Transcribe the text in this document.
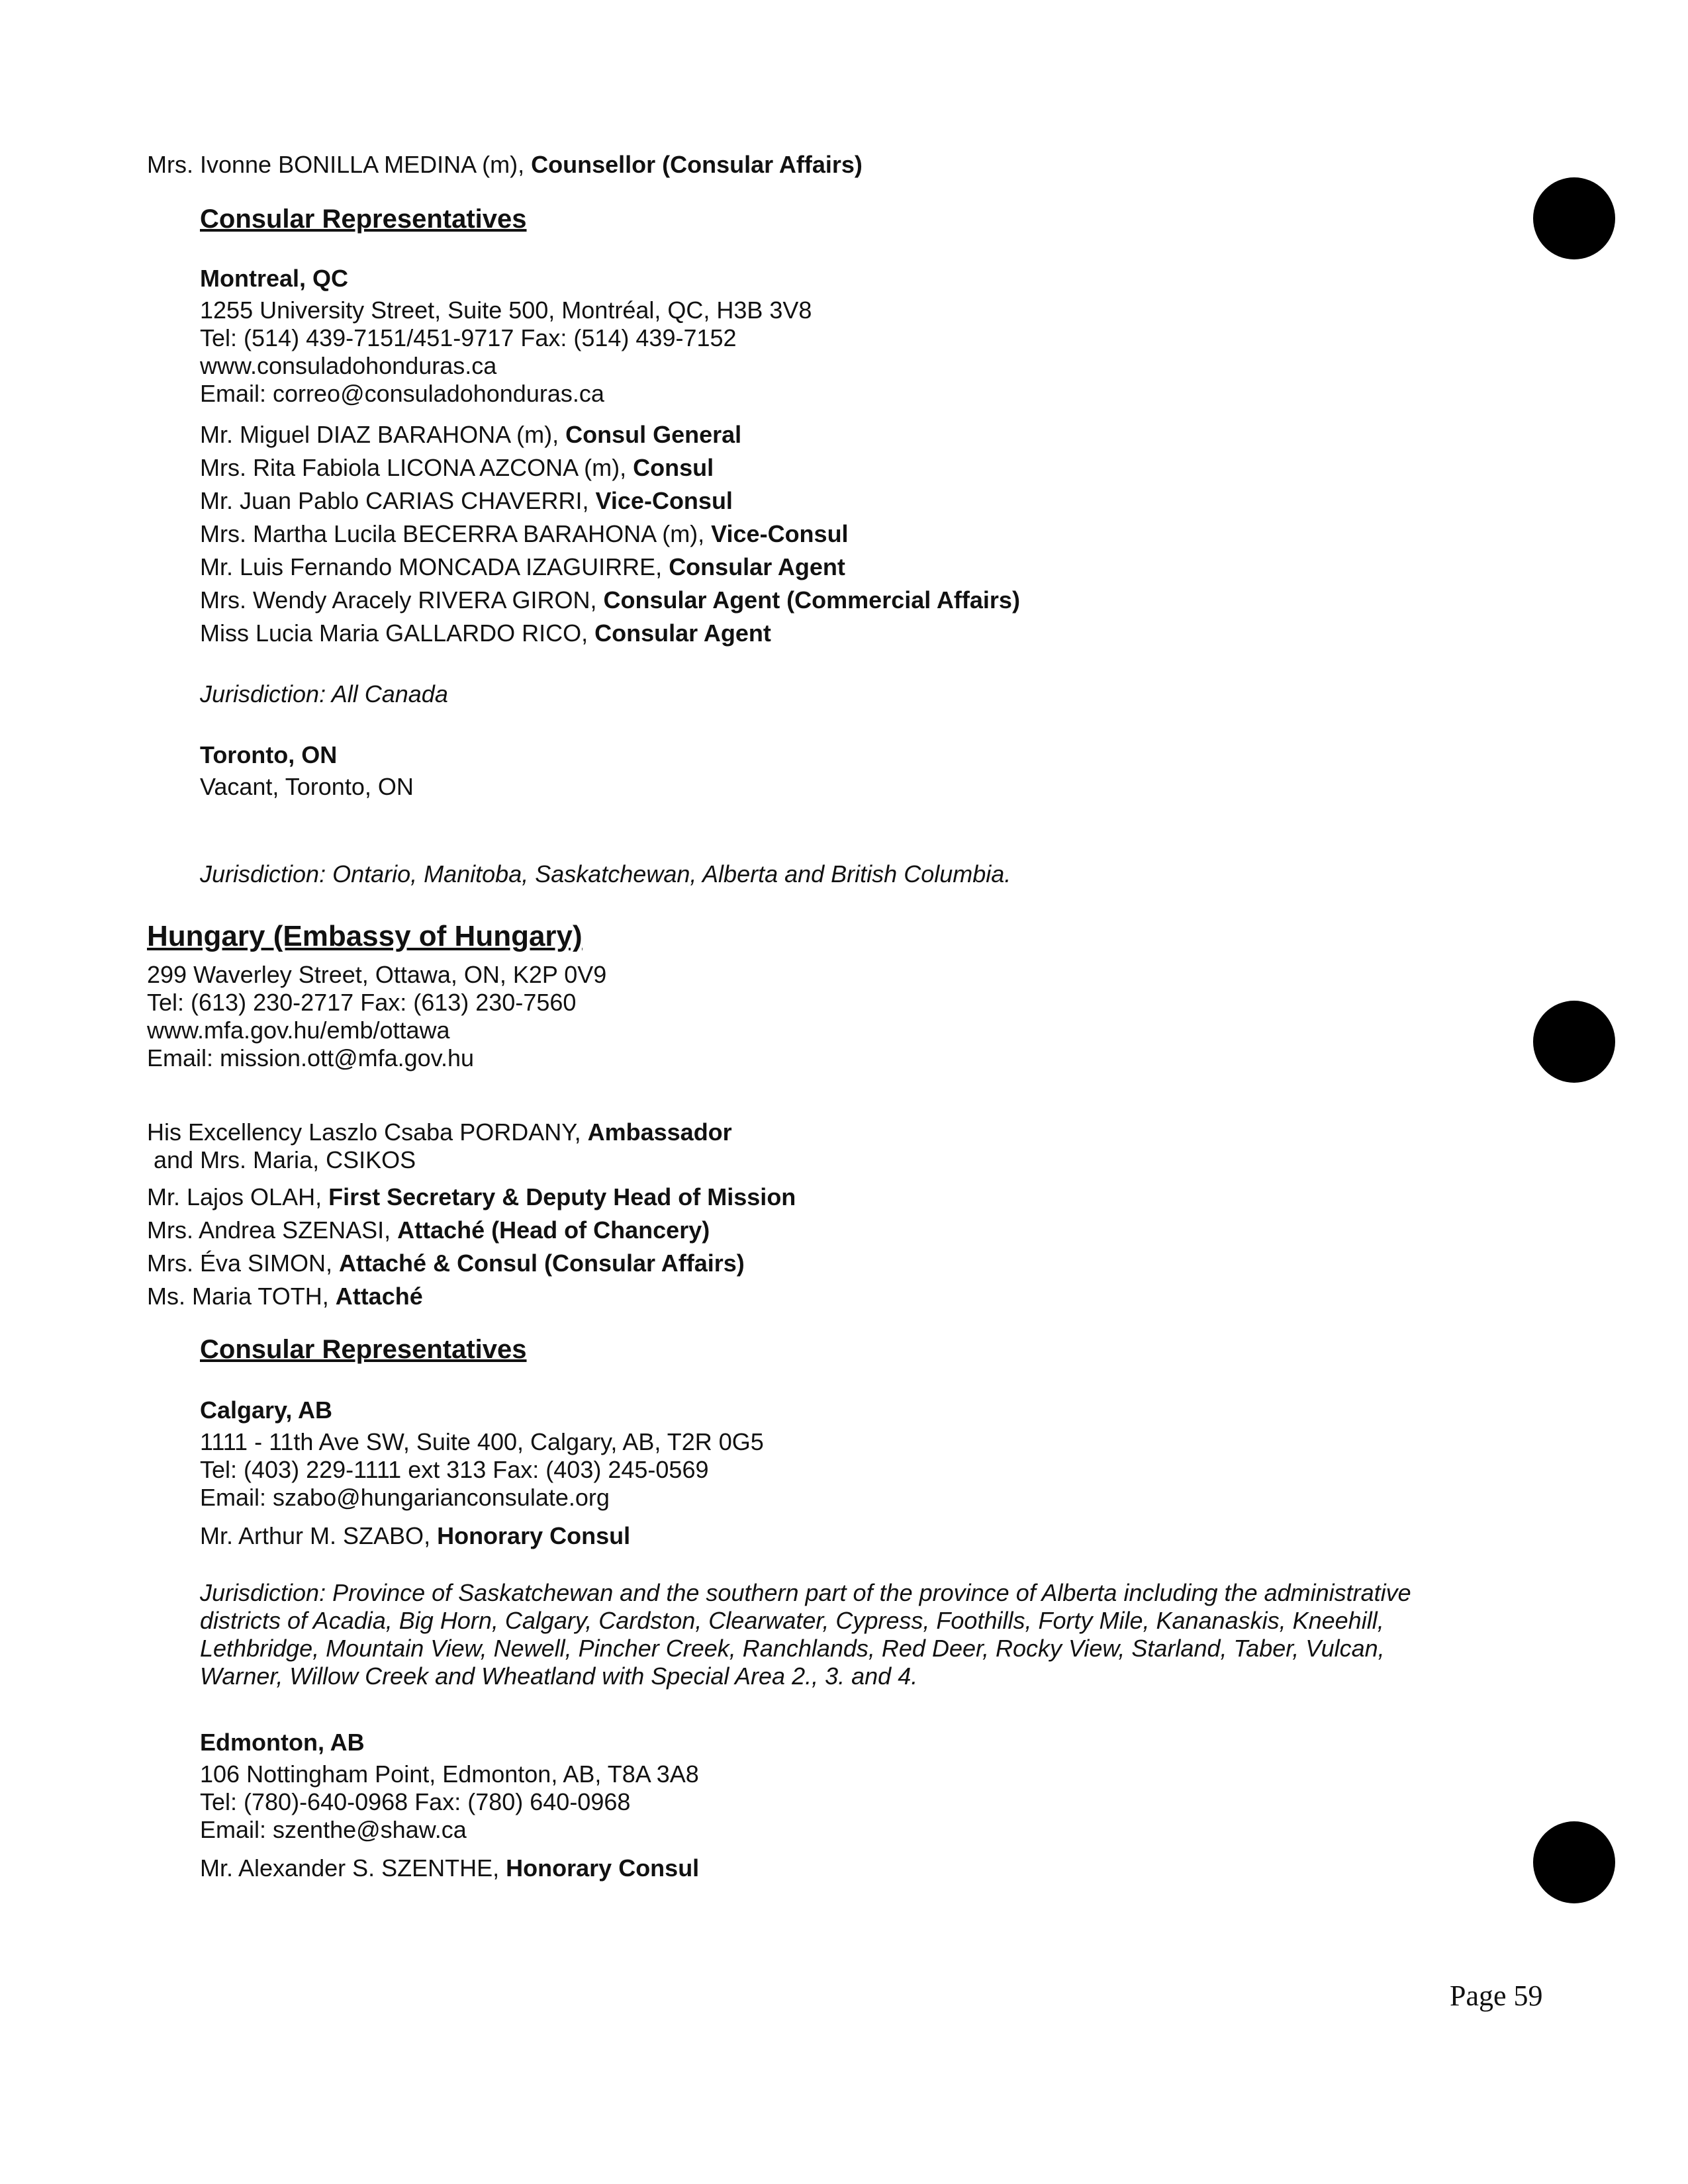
Mrs. Ivonne BONILLA MEDINA (m), Counsellor (Consular Affairs)
Consular Representatives
Montreal, QC
1255 University Street, Suite 500, Montréal, QC, H3B 3V8
Tel: (514) 439-7151/451-9717 Fax: (514) 439-7152
www.consuladohonduras.ca
Email: correo@consuladohonduras.ca
Mr. Miguel DIAZ BARAHONA (m), Consul General
Mrs. Rita Fabiola LICONA AZCONA (m), Consul
Mr. Juan Pablo CARIAS CHAVERRI, Vice-Consul
Mrs. Martha Lucila BECERRA BARAHONA (m), Vice-Consul
Mr. Luis Fernando MONCADA IZAGUIRRE, Consular Agent
Mrs. Wendy Aracely RIVERA GIRON, Consular Agent (Commercial Affairs)
Miss Lucia Maria GALLARDO RICO, Consular Agent
Jurisdiction: All Canada
Toronto, ON
Vacant, Toronto, ON
Jurisdiction: Ontario, Manitoba, Saskatchewan, Alberta and British Columbia.
Hungary (Embassy of Hungary)
299 Waverley Street, Ottawa, ON, K2P 0V9
Tel: (613) 230-2717 Fax: (613) 230-7560
www.mfa.gov.hu/emb/ottawa
Email: mission.ott@mfa.gov.hu
His Excellency Laszlo Csaba PORDANY, Ambassador
and Mrs. Maria, CSIKOS
Mr. Lajos OLAH, First Secretary & Deputy Head of Mission
Mrs. Andrea SZENASI, Attaché (Head of Chancery)
Mrs. Éva SIMON, Attaché & Consul (Consular Affairs)
Ms. Maria TOTH, Attaché
Consular Representatives
Calgary, AB
1111 - 11th Ave SW, Suite 400, Calgary, AB, T2R 0G5
Tel: (403) 229-1111 ext 313 Fax: (403) 245-0569
Email: szabo@hungarianconsulate.org
Mr. Arthur M. SZABO, Honorary Consul
Jurisdiction: Province of Saskatchewan and the southern part of the province of Alberta including the administrative
districts of Acadia, Big Horn, Calgary, Cardston, Clearwater, Cypress, Foothills, Forty Mile, Kananaskis, Kneehill,
Lethbridge, Mountain View, Newell, Pincher Creek, Ranchlands, Red Deer, Rocky View, Starland, Taber, Vulcan,
Warner, Willow Creek and Wheatland with Special Area 2., 3. and 4.
Edmonton, AB
106 Nottingham Point, Edmonton, AB, T8A 3A8
Tel: (780)-640-0968 Fax: (780) 640-0968
Email: szenthe@shaw.ca
Mr. Alexander S. SZENTHE, Honorary Consul
Page 59
